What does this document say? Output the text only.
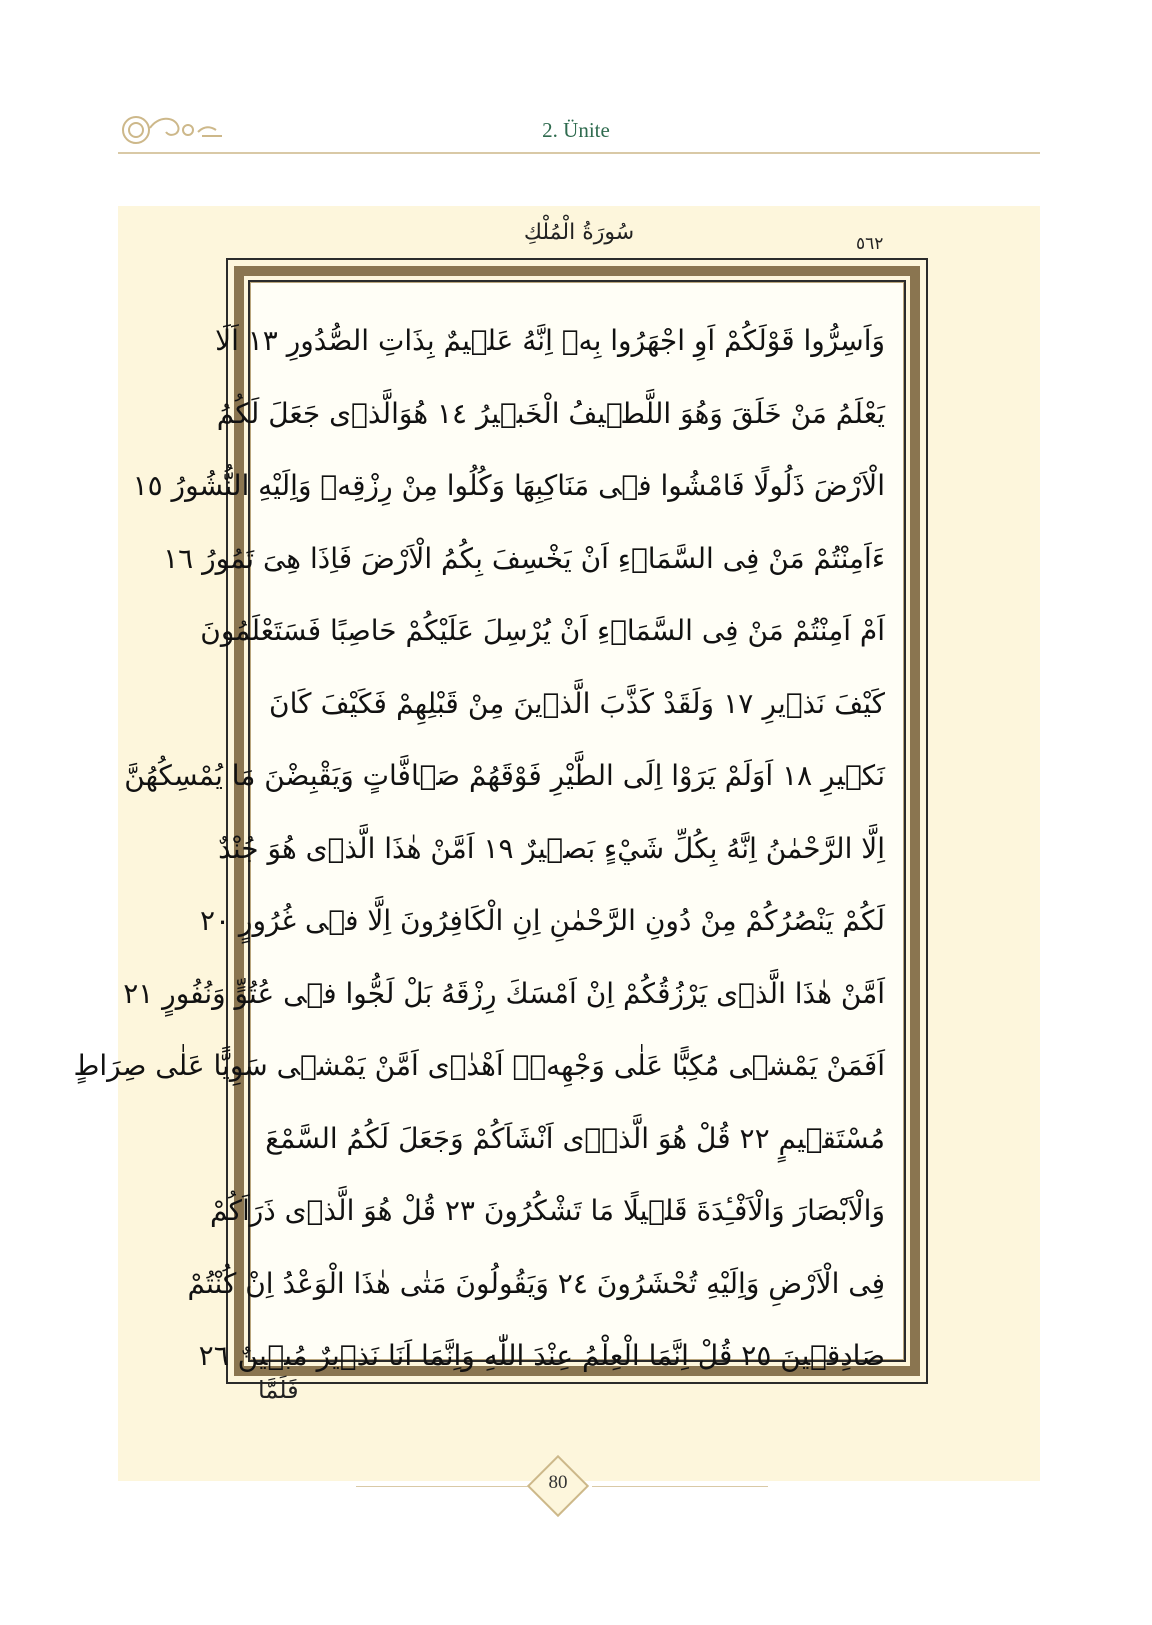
2. Ünite
سُورَةُ الْمُلْكِ	٥٦٢
وَاَسِرُّوا قَوْلَكُمْ اَوِ اجْهَرُوا بِهٖ اِنَّهُ عَلٖيمٌ بِذَاتِ الصُّدُورِ ١٣ اَلَا
يَعْلَمُ مَنْ خَلَقَ وَهُوَ اللَّطٖيفُ الْخَبٖيرُ ١٤ هُوَالَّذٖى جَعَلَ لَكُمُ
الْاَرْضَ ذَلُولًا فَامْشُوا فٖى مَنَاكِبِهَا وَكُلُوا مِنْ رِزْقِهٖ وَاِلَيْهِ النُّشُورُ ١٥
ءَاَمِنْتُمْ مَنْ فِى السَّمَاۤءِ اَنْ يَخْسِفَ بِكُمُ الْاَرْضَ فَاِذَا هِىَ تَمُورُ ١٦
اَمْ اَمِنْتُمْ مَنْ فِى السَّمَاۤءِ اَنْ يُرْسِلَ عَلَيْكُمْ حَاصِبًا فَسَتَعْلَمُونَ
كَيْفَ نَذٖيرِ ١٧ وَلَقَدْ كَذَّبَ الَّذٖينَ مِنْ قَبْلِهِمْ فَكَيْفَ كَانَ
نَكٖيرِ ١٨ اَوَلَمْ يَرَوْا اِلَى الطَّيْرِ فَوْقَهُمْ صَۤافَّاتٍ وَيَقْبِضْنَ مَا يُمْسِكُهُنَّ
اِلَّا الرَّحْمٰنُ اِنَّهُ بِكُلِّ شَيْءٍ بَصٖيرٌ ١٩ اَمَّنْ هٰذَا الَّذٖى هُوَ جُنْدٌ
لَكُمْ يَنْصُرُكُمْ مِنْ دُونِ الرَّحْمٰنِ اِنِ الْكَافِرُونَ اِلَّا فٖى غُرُورٍ ٢٠
اَمَّنْ هٰذَا الَّذٖى يَرْزُقُكُمْ اِنْ اَمْسَكَ رِزْقَهُ بَلْ لَجُّوا فٖى عُتُوٍّ وَنُفُورٍ ٢١
اَفَمَنْ يَمْشٖى مُكِبًّا عَلٰى وَجْهِهٖۤ اَهْدٰۤى اَمَّنْ يَمْشٖى سَوِيًّا عَلٰى صِرَاطٍ
مُسْتَقٖيمٍ ٢٢ قُلْ هُوَ الَّذٖۤى اَنْشَاَكُمْ وَجَعَلَ لَكُمُ السَّمْعَ
وَالْاَبْصَارَ وَالْاَفْـِٔدَةَ قَلٖيلًا مَا تَشْكُرُونَ ٢٣ قُلْ هُوَ الَّذٖى ذَرَاَكُمْ
فِى الْاَرْضِ وَاِلَيْهِ تُحْشَرُونَ ٢٤ وَيَقُولُونَ مَتٰى هٰذَا الْوَعْدُ اِنْ كُنْتُمْ
صَادِقٖينَ ٢٥ قُلْ اِنَّمَا الْعِلْمُ عِنْدَ اللّٰهِ وَاِنَّمَا اَنَا نَذٖيرٌ مُبٖينٌ ٢٦
فَلَمَّا
80
